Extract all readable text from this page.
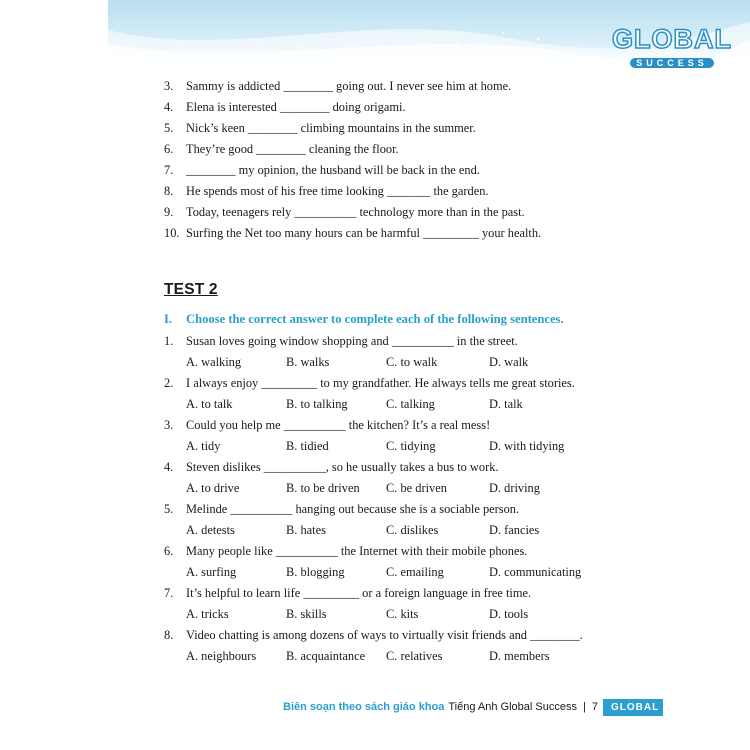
GLOBAL
SUCCESS
3. Sammy is addicted ________ going out. I never see him at home.
4. Elena is interested ________ doing origami.
5. Nick’s keen ________ climbing mountains in the summer.
6. They’re good ________ cleaning the floor.
7. ________ my opinion, the husband will be back in the end.
8. He spends most of his free time looking _______ the garden.
9. Today, teenagers rely __________ technology more than in the past.
10. Surfing the Net too many hours can be harmful _________ your health.
TEST 2
I. Choose the correct answer to complete each of the following sentences.
1. Susan loves going window shopping and __________ in the street.
A. walking	B. walks	C. to walk	D. walk
2. I always enjoy _________ to my grandfather. He always tells me great stories.
A. to talk	B. to talking	C. talking	D. talk
3. Could you help me __________ the kitchen? It’s a real mess!
A. tidy	B. tidied	C. tidying	D. with tidying
4. Steven dislikes __________, so he usually takes a bus to work.
A. to drive	B. to be driven C. be driven	D. driving
5. Melinde __________ hanging out because she is a sociable person.
A. detests	B. hates	C. dislikes	D. fancies
6. Many people like __________ the Internet with their mobile phones.
A. surfing	B. blogging	C. emailing	D. communicating
7. It’s helpful to learn life _________ or a foreign language in free time.
A. tricks	B. skills	C. kits	D. tools
8. Video chatting is among dozens of ways to virtually visit friends and ________.
A. neighbours B. acquaintance C. relatives	D. members
Biên soạn theo sách giáo khoa Tiếng Anh Global Success | 7	GLOBAL
